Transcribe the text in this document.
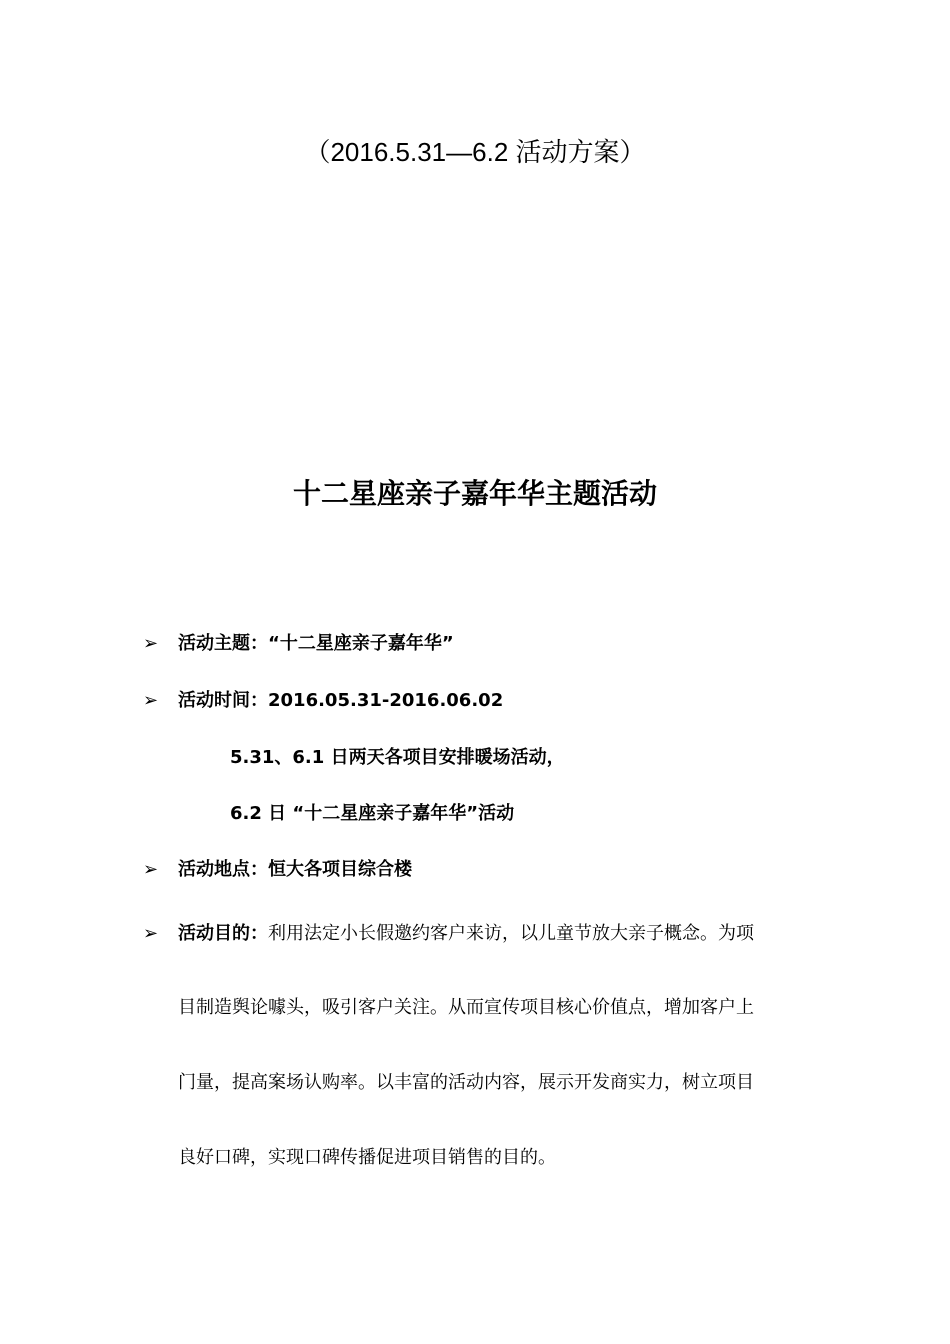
（2016.5.31—6.2 活动方案）
十二星座亲子嘉年华主题活动
➢ 活动主题：“十二星座亲子嘉年华”
➢ 活动时间：2016.05.31-2016.06.02
5.31、6.1 日两天各项目安排暖场活动，
6.2 日 “十二星座亲子嘉年华”活动
➢ 活动地点：恒大各项目综合楼
➢ 活动目的：利用法定小长假邀约客户来访，以儿童节放大亲子概念。为项
目制造舆论噱头，吸引客户关注。从而宣传项目核心价值点，增加客户上
门量，提高案场认购率。以丰富的活动内容，展示开发商实力，树立项目
良好口碑，实现口碑传播促进项目销售的目的。
